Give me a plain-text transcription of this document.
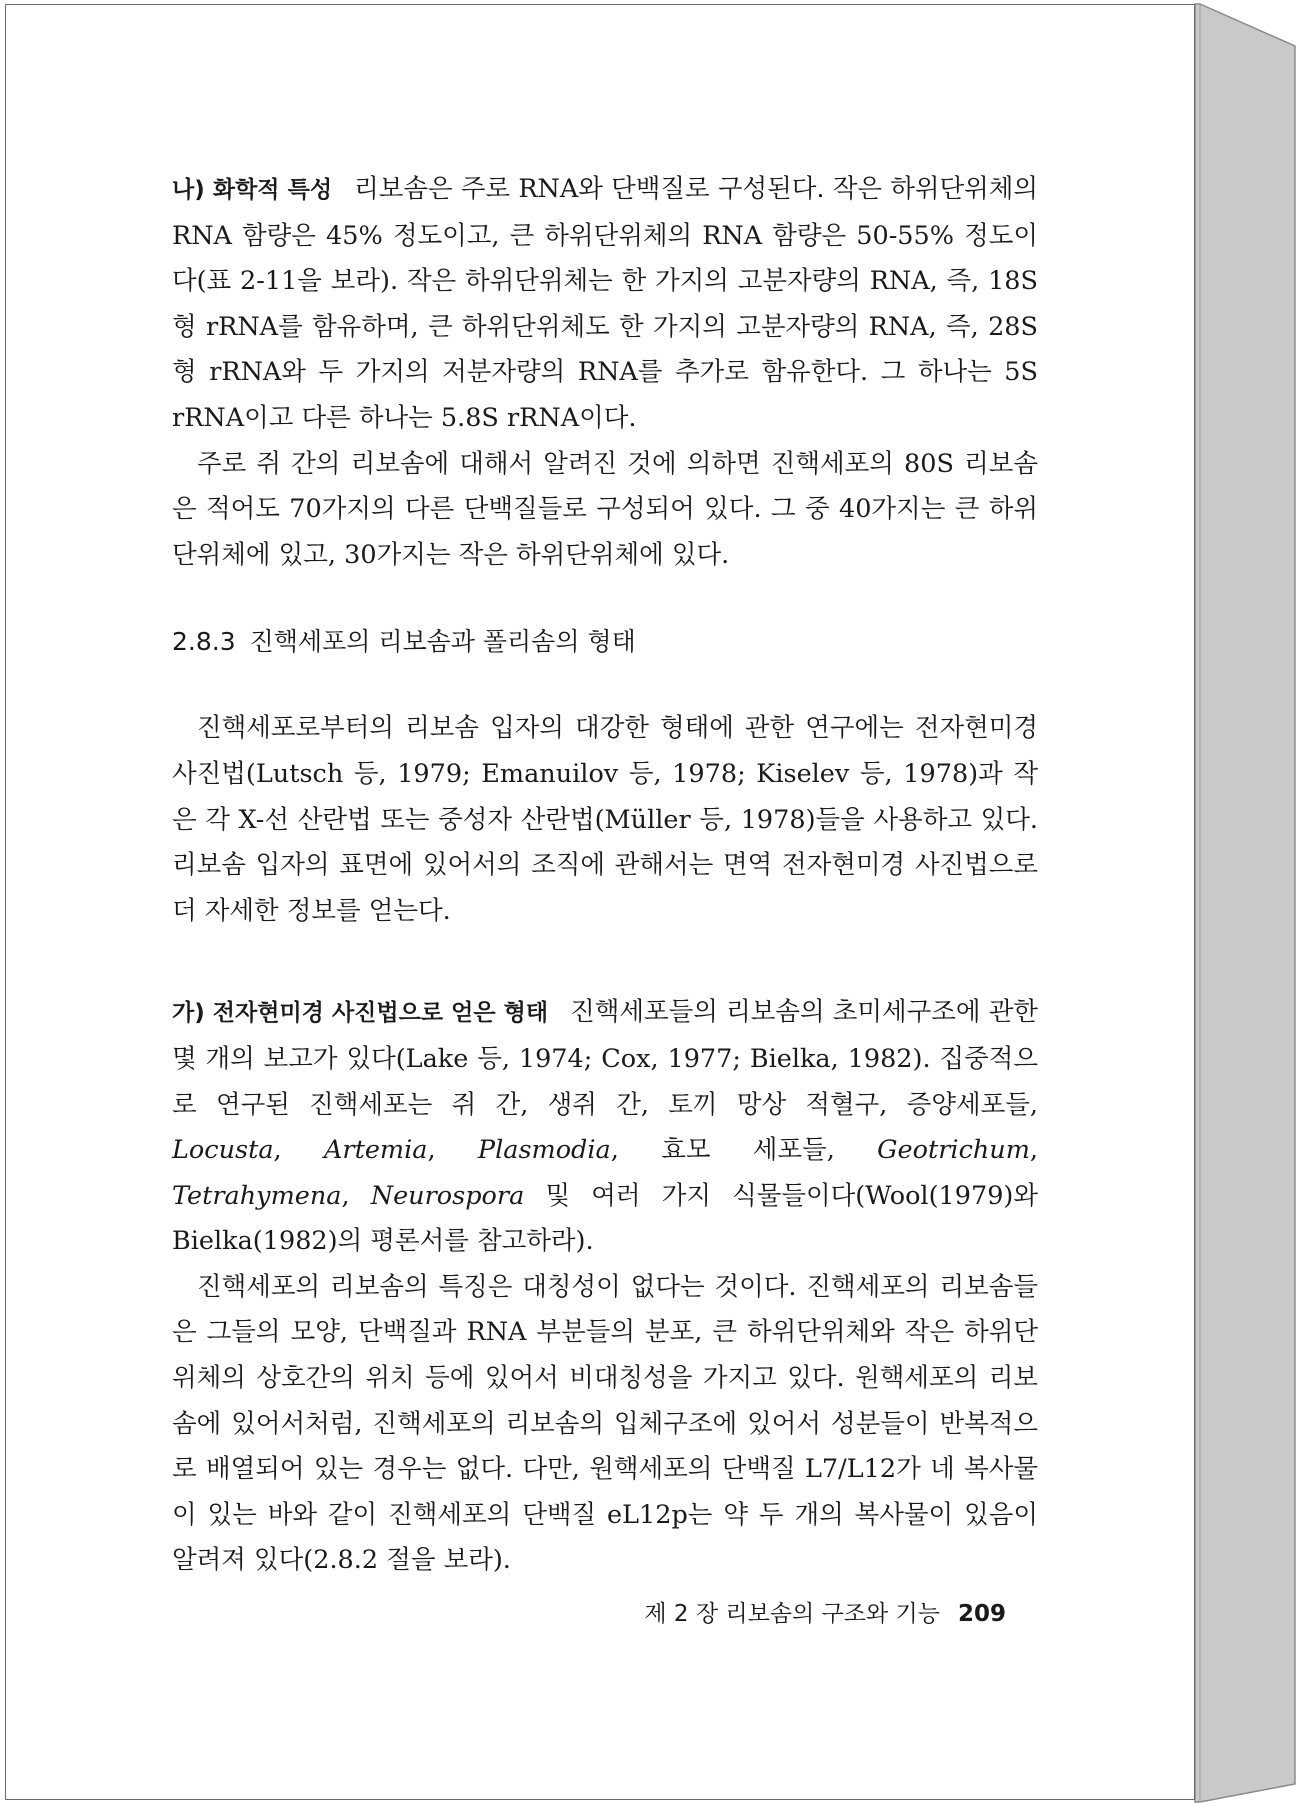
나) 화학적 특성 리보솜은 주로 RNA와 단백질로 구성된다. 작은 하위단위체의 RNA 함량은 45% 정도이고, 큰 하위단위체의 RNA 함량은 50-55% 정도이다(표 2-11을 보라). 작은 하위단위체는 한 가지의 고분자량의 RNA, 즉, 18S형 rRNA를 함유하며, 큰 하위단위체도 한 가지의 고분자량의 RNA, 즉, 28S형 rRNA와 두 가지의 저분자량의 RNA를 추가로 함유한다. 그 하나는 5S rRNA이고 다른 하나는 5.8S rRNA이다.

주로 쥐 간의 리보솜에 대해서 알려진 것에 의하면 진핵세포의 80S 리보솜은 적어도 70가지의 다른 단백질들로 구성되어 있다. 그 중 40가지는 큰 하위단위체에 있고, 30가지는 작은 하위단위체에 있다.

2.8.3 진핵세포의 리보솜과 폴리솜의 형태

진핵세포로부터의 리보솜 입자의 대강한 형태에 관한 연구에는 전자현미경사진법(Lutsch 등, 1979; Emanuilov 등, 1978; Kiselev 등, 1978)과 작은 각 X-선 산란법 또는 중성자 산란법(Müller 등, 1978)들을 사용하고 있다. 리보솜 입자의 표면에 있어서의 조직에 관해서는 면역 전자현미경 사진법으로 더 자세한 정보를 얻는다.

가) 전자현미경 사진법으로 얻은 형태 진핵세포들의 리보솜의 초미세구조에 관한 몇 개의 보고가 있다(Lake 등, 1974; Cox, 1977; Bielka, 1982). 집중적으로 연구된 진핵세포는 쥐 간, 생쥐 간, 토끼 망상 적혈구, 증양세포들, Locusta, Artemia, Plasmodia, 효모 세포들, Geotrichum, Tetrahymena, Neurospora 및 여러 가지 식물들이다(Wool(1979)와 Bielka(1982)의 평론서를 참고하라).

진핵세포의 리보솜의 특징은 대칭성이 없다는 것이다. 진핵세포의 리보솜들은 그들의 모양, 단백질과 RNA 부분들의 분포, 큰 하위단위체와 작은 하위단위체의 상호간의 위치 등에 있어서 비대칭성을 가지고 있다. 원핵세포의 리보솜에 있어서처럼, 진핵세포의 리보솜의 입체구조에 있어서 성분들이 반복적으로 배열되어 있는 경우는 없다. 다만, 원핵세포의 단백질 L7/L12가 네 복사물이 있는 바와 같이 진핵세포의 단백질 eL12p는 약 두 개의 복사물이 있음이 알려져 있다(2.8.2 절을 보라).

제 2 장 리보솜의 구조와 기능 209
